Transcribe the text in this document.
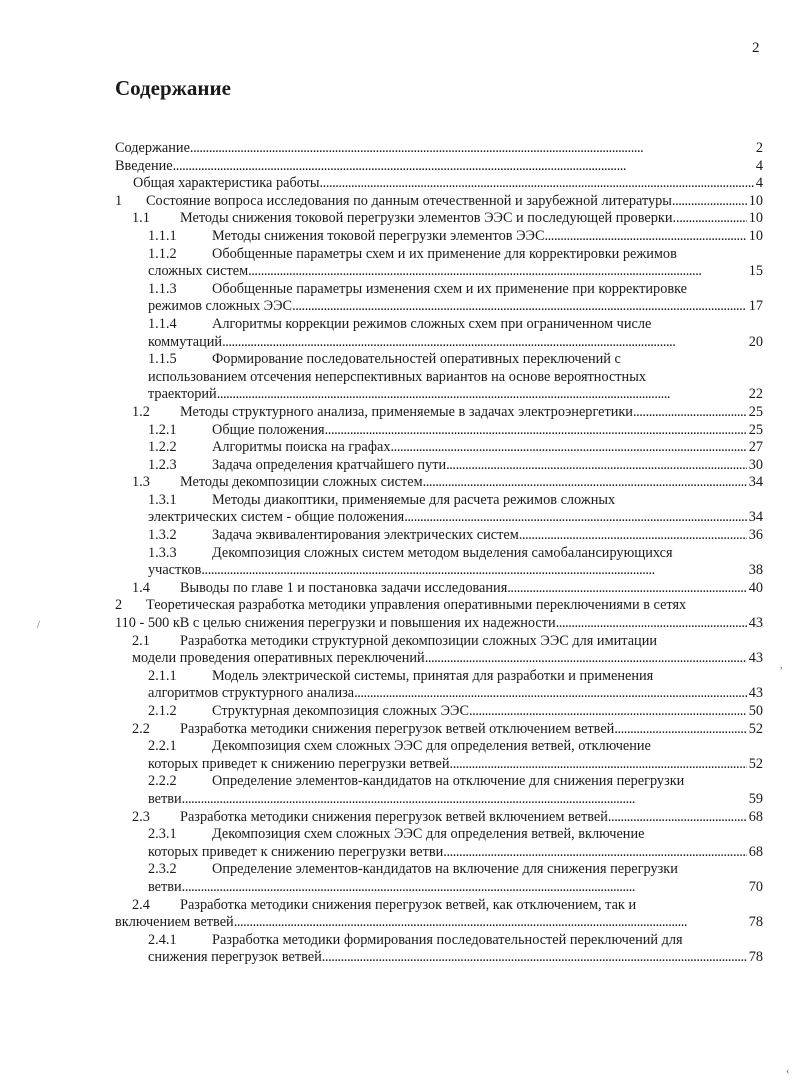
2
Содержание
Содержание . . .	2
Введение . . .	4
Общая характеристика работы . . .	4
1 Состояние вопроса исследования по данным отечественной и зарубежной литературы . . .	10
1.1 Методы снижения токовой перегрузки элементов ЭЭС и последующей проверки. . . .	10
1.1.1 Методы снижения токовой перегрузки элементов ЭЭС . . .	10
1.1.2 Обобщенные параметры схем и их применение для корректировки режимов
сложных систем . . .	15
1.1.3 Обобщенные параметры изменения схем и их применение при корректировке
режимов сложных ЭЭС . . .	17
1.1.4 Алгоритмы коррекции режимов сложных схем при ограниченном числе
коммутаций . . .	20
1.1.5 Формирование последовательностей оперативных переключений с
использованием отсечения неперспективных вариантов на основе вероятностных
траекторий . . .	22
1.2 Методы структурного анализа, применяемые в задачах электроэнергетики . . .	25
1.2.1 Общие положения . . .	25
1.2.2 Алгоритмы поиска на графах . . .	27
1.2.3 Задача определения кратчайшего пути . . .	30
1.3 Методы декомпозиции сложных систем . . .	34
1.3.1 Методы диакоптики, применяемые для расчета режимов сложных
электрических систем - общие положения . . .	34
1.3.2 Задача эквивалентирования электрических систем . . .	36
1.3.3 Декомпозиция сложных систем методом выделения самобалансирующихся
участков . . .	38
1.4 Выводы по главе 1 и постановка задачи исследования . . .	40
2 Теоретическая разработка методики управления оперативными переключениями в сетях
110 - 500 кВ с целью снижения перегрузки и повышения их надежности . . .	43
2.1 Разработка методики структурной декомпозиции сложных ЭЭС для имитации
модели проведения оперативных переключений . . .	43
2.1.1 Модель электрической системы, принятая для разработки и применения
алгоритмов структурного анализа . . .	43
2.1.2 Структурная декомпозиция сложных ЭЭС . . .	50
2.2 Разработка методики снижения перегрузок ветвей отключением ветвей . . .	52
2.2.1 Декомпозиция схем сложных ЭЭС для определения ветвей, отключение
которых приведет к снижению перегрузки ветвей . . .	52
2.2.2 Определение элементов-кандидатов на отключение для снижения перегрузки
ветви . . .	59
2.3 Разработка методики снижения перегрузок ветвей включением ветвей . . .	68
2.3.1 Декомпозиция схем сложных ЭЭС для определения ветвей, включение
которых приведет к снижению перегрузки ветви . . .	68
2.3.2 Определение элементов-кандидатов на включение для снижения перегрузки
ветви . . .	70
2.4 Разработка методики снижения перегрузок ветвей, как отключением, так и
включением ветвей . . .	78
2.4.1 Разработка методики формирования последовательностей переключений для
снижения перегрузок ветвей . . .	78
/
,
‹
